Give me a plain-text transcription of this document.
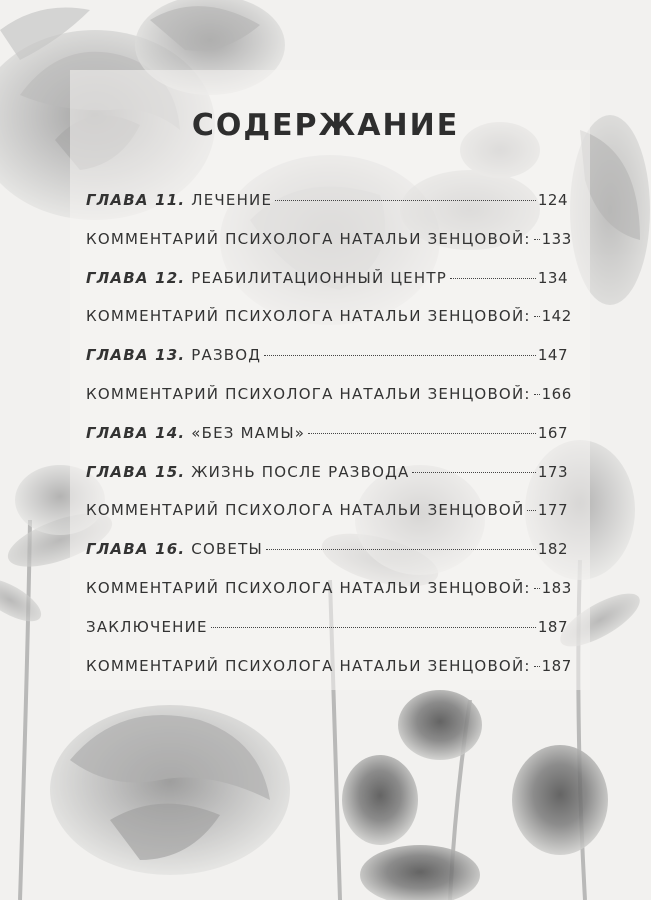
СОДЕРЖАНИЕ
ГЛАВА 11. ЛЕЧЕНИЕ	124
КОММЕНТАРИЙ ПСИХОЛОГА НАТАЛЬИ ЗЕНЦОВОЙ: 133
ГЛАВА 12. РЕАБИЛИТАЦИОННЫЙ ЦЕНТР	134
КОММЕНТАРИЙ ПСИХОЛОГА НАТАЛЬИ ЗЕНЦОВОЙ: 142
ГЛАВА 13. РАЗВОД	147
КОММЕНТАРИЙ ПСИХОЛОГА НАТАЛЬИ ЗЕНЦОВОЙ: 166
ГЛАВА 14. «БЕЗ МАМЫ»	167
ГЛАВА 15. ЖИЗНЬ ПОСЛЕ РАЗВОДА	173
КОММЕНТАРИЙ ПСИХОЛОГА НАТАЛЬИ ЗЕНЦОВОЙ 177
ГЛАВА 16. СОВЕТЫ	182
КОММЕНТАРИЙ ПСИХОЛОГА НАТАЛЬИ ЗЕНЦОВОЙ: 183
ЗАКЛЮЧЕНИЕ	187
КОММЕНТАРИЙ ПСИХОЛОГА НАТАЛЬИ ЗЕНЦОВОЙ: 187
